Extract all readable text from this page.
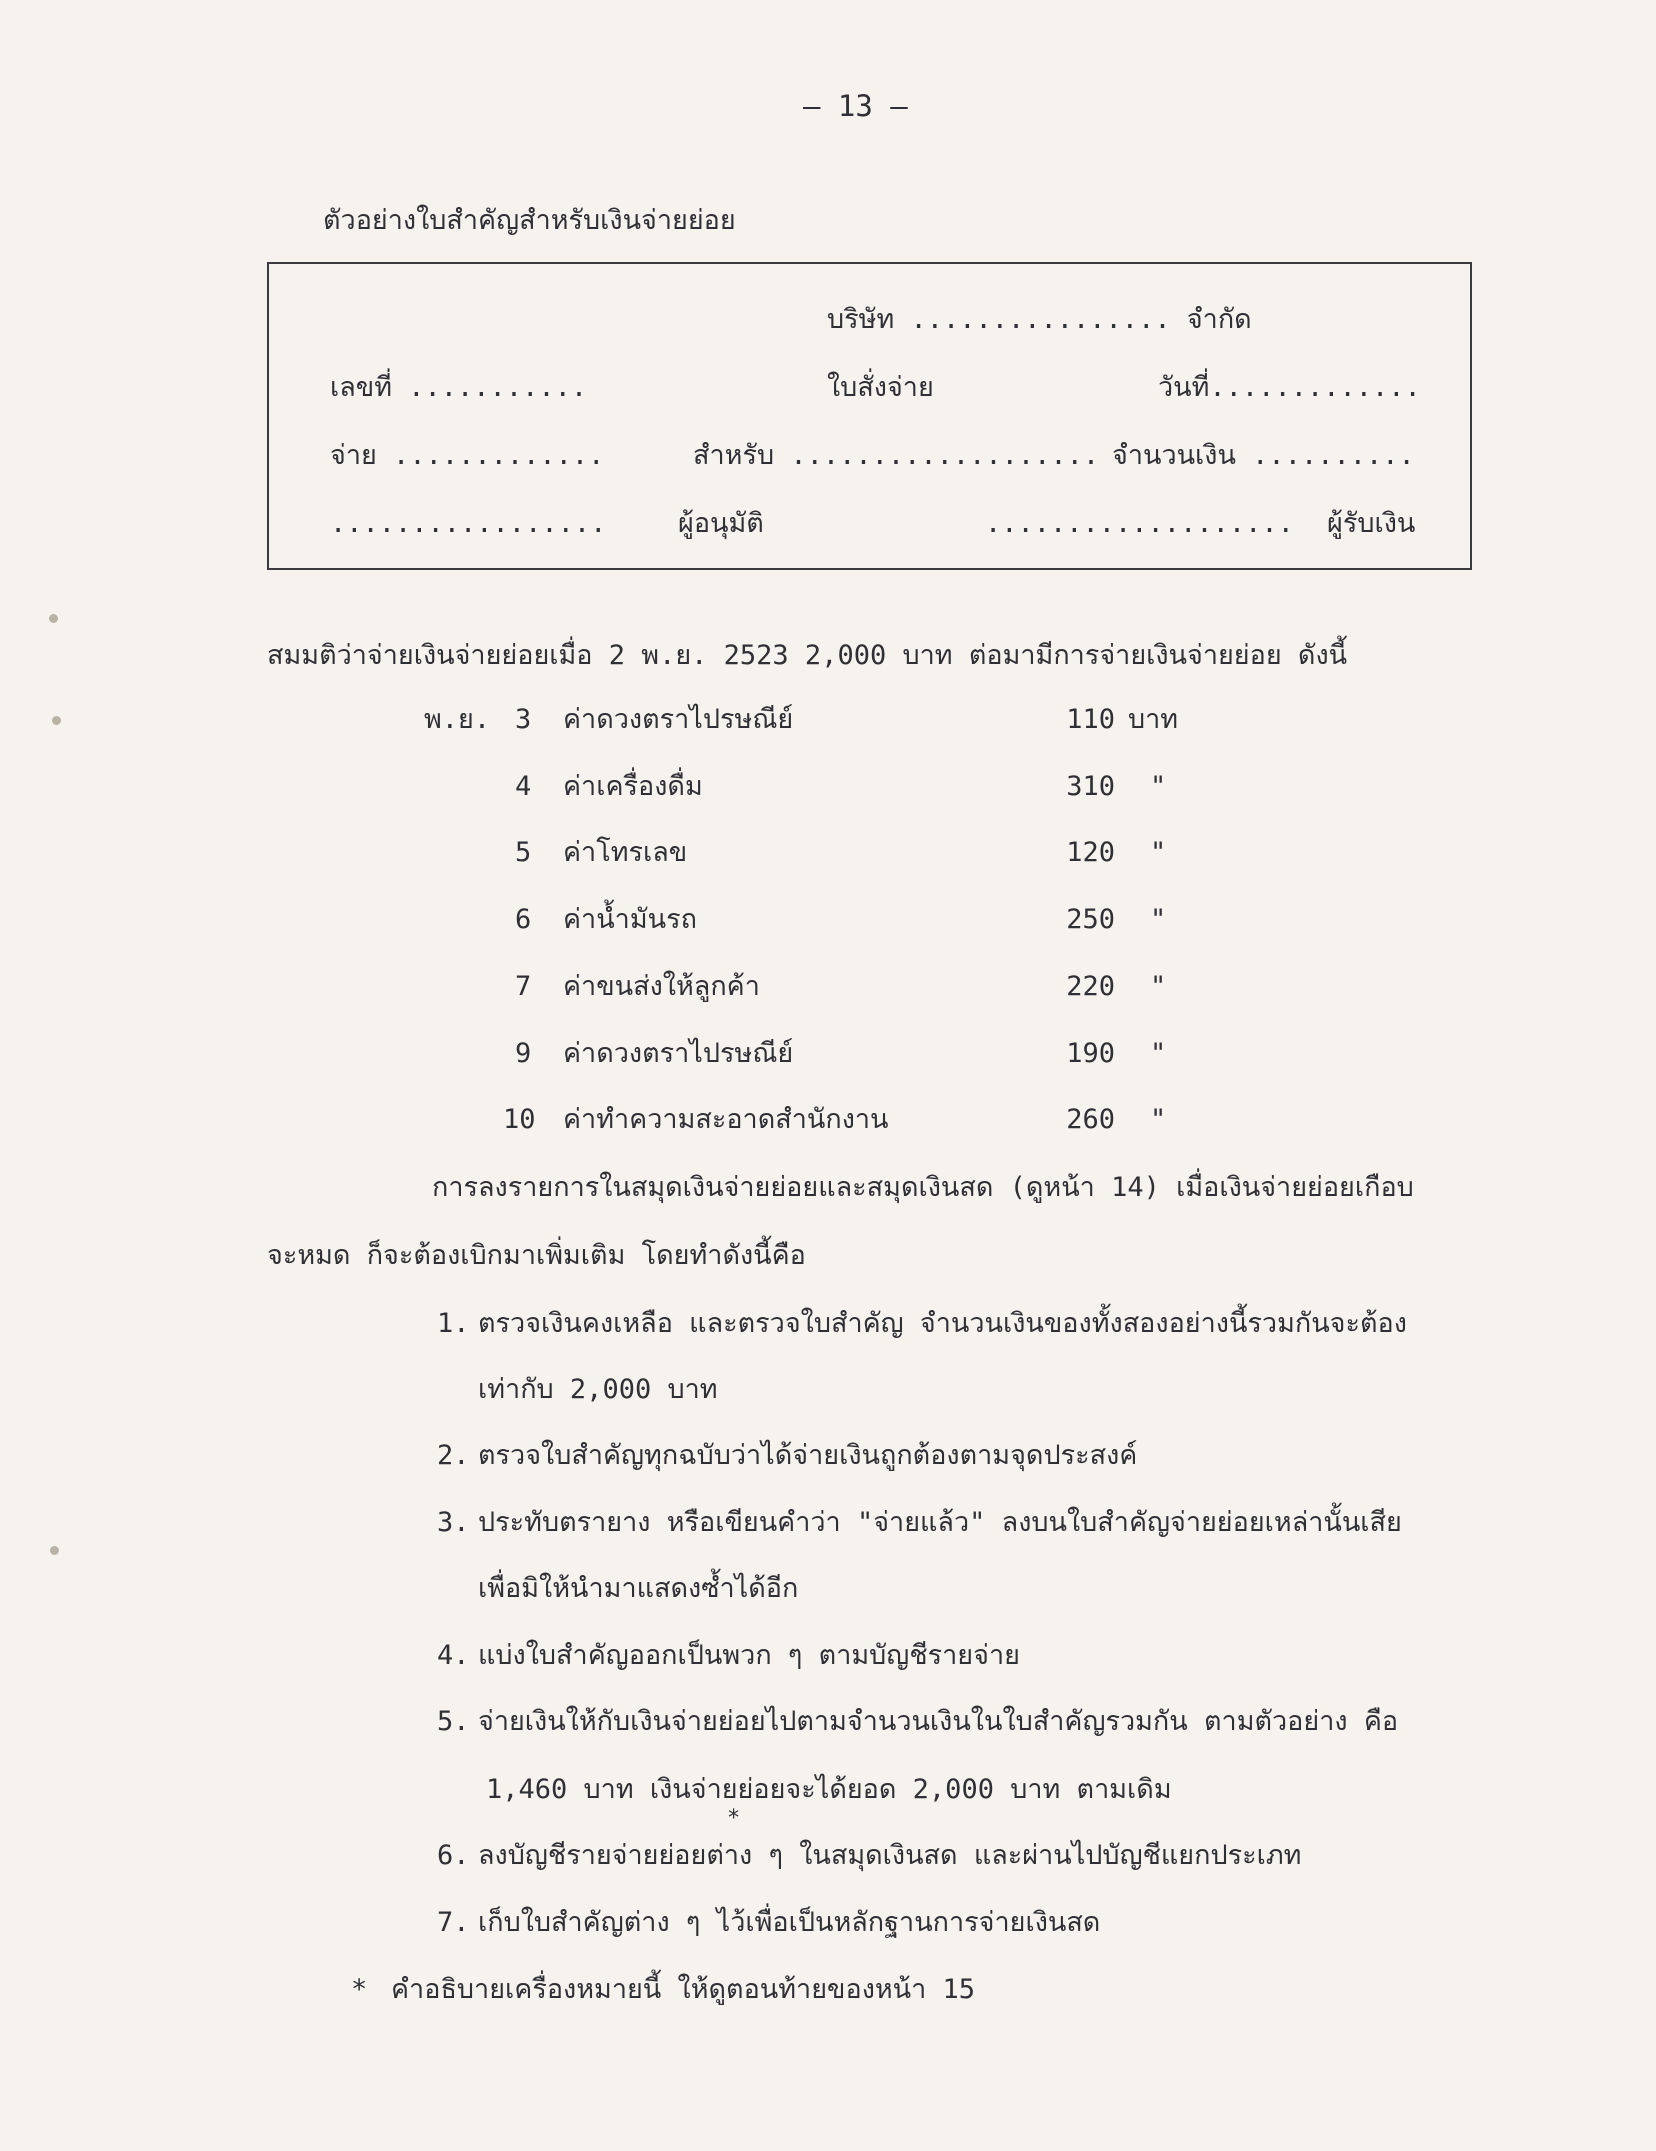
– 13 –
ตัวอย่างใบสำคัญสำหรับเงินจ่ายย่อย
บริษัท ................ จำกัด
เลขที่ ...........	ใบสั่งจ่าย	วันที่.............
จ่าย .............	สำหรับ ................... จำนวนเงิน ..........
.................	ผู้อนุมัติ	................... ผู้รับเงิน
สมมติว่าจ่ายเงินจ่ายย่อยเมื่อ 2 พ.ย. 2523 2,000 บาท ต่อมามีการจ่ายเงินจ่ายย่อย ดังนี้
พ.ย. 3 ค่าดวงตราไปรษณีย์	110 บาท
4 ค่าเครื่องดื่ม	310 "
5 ค่าโทรเลข	120 "
6 ค่าน้ำมันรถ	250 "
7 ค่าขนส่งให้ลูกค้า	220 "
9 ค่าดวงตราไปรษณีย์	190 "
10 ค่าทำความสะอาดสำนักงาน	260 "
การลงรายการในสมุดเงินจ่ายย่อยและสมุดเงินสด (ดูหน้า 14) เมื่อเงินจ่ายย่อยเกือบ
จะหมด ก็จะต้องเบิกมาเพิ่มเติม โดยทำดังนี้คือ
1. ตรวจเงินคงเหลือ และตรวจใบสำคัญ จำนวนเงินของทั้งสองอย่างนี้รวมกันจะต้อง
เท่ากับ 2,000 บาท
2. ตรวจใบสำคัญทุกฉบับว่าได้จ่ายเงินถูกต้องตามจุดประสงค์
3. ประทับตรายาง หรือเขียนคำว่า "จ่ายแล้ว" ลงบนใบสำคัญจ่ายย่อยเหล่านั้นเสีย
เพื่อมิให้นำมาแสดงซ้ำได้อีก
4. แบ่งใบสำคัญออกเป็นพวก ๆ ตามบัญชีรายจ่าย
5. จ่ายเงินให้กับเงินจ่ายย่อยไปตามจำนวนเงินในใบสำคัญรวมกัน ตามตัวอย่าง คือ
1,460 บาท เงินจ่ายย่อยจะได้ยอด 2,000 บาท ตามเดิม
*
6. ลงบัญชีรายจ่ายย่อยต่าง ๆ ในสมุดเงินสด และผ่านไปบัญชีแยกประเภท
7. เก็บใบสำคัญต่าง ๆ ไว้เพื่อเป็นหลักฐานการจ่ายเงินสด
* คำอธิบายเครื่องหมายนี้ ให้ดูตอนท้ายของหน้า 15
